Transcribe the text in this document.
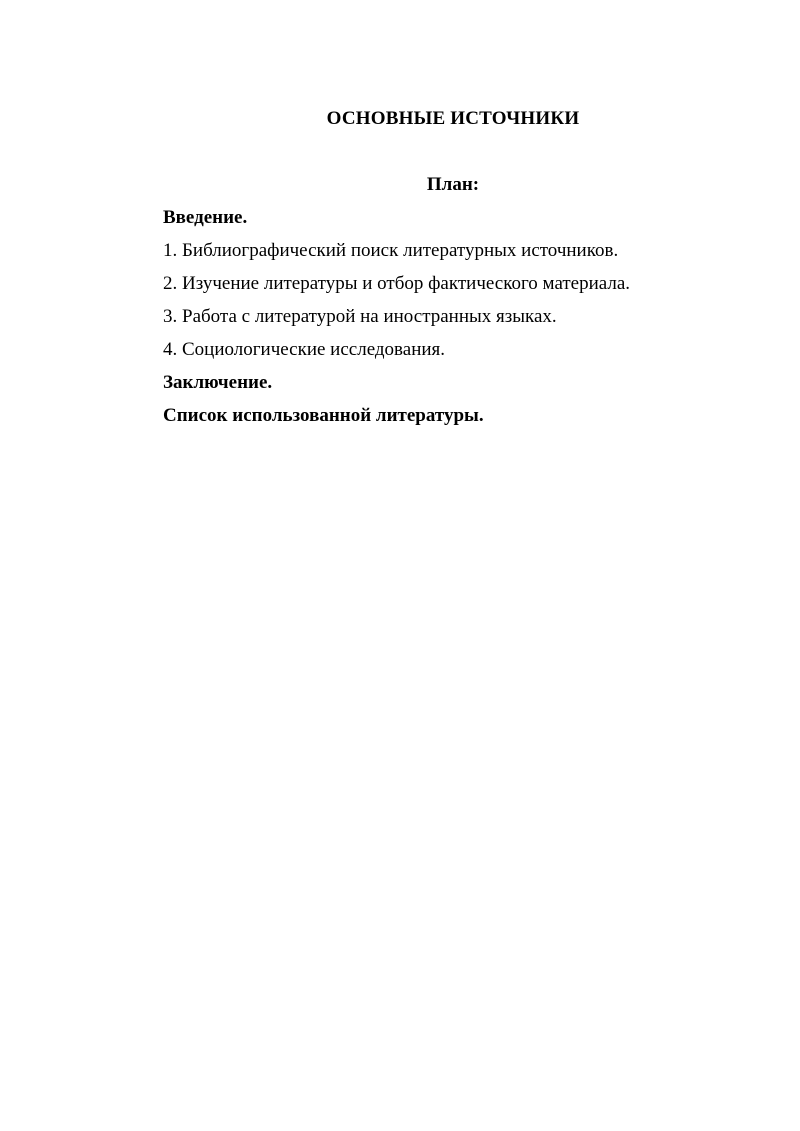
ОСНОВНЫЕ ИСТОЧНИКИ
План:
Введение.
1. Библиографический поиск литературных источников.
2. Изучение литературы и отбор фактического материала.
3. Работа с литературой на иностранных языках.
4. Социологические исследования.
Заключение.
Список использованной литературы.
